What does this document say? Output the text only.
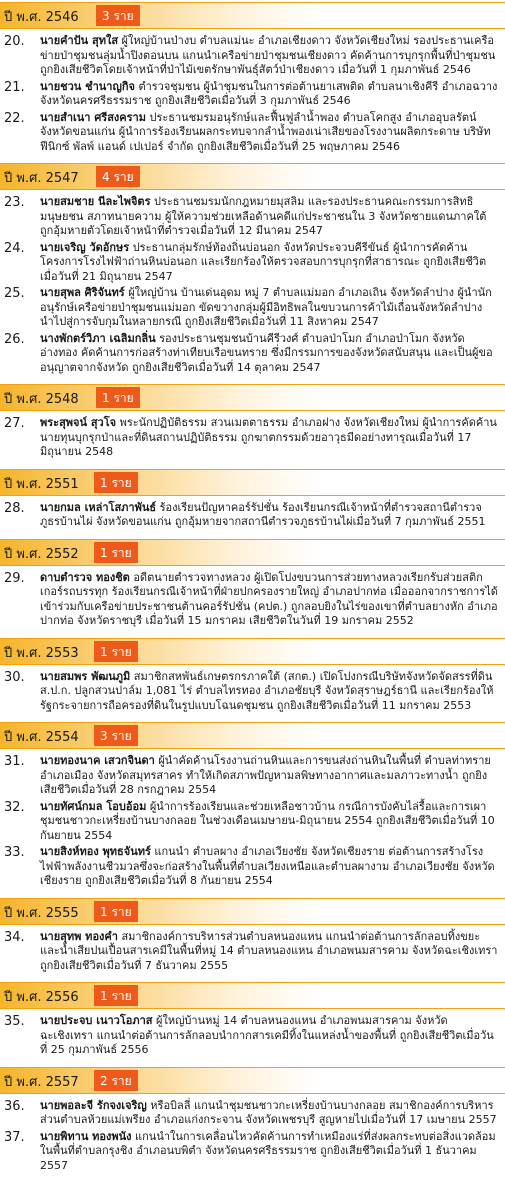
ปี พ.ศ. 2546	3 ราย
20. นายคำปัน สุทใส ผู้ใหญ่บ้านป่างบ ตำบลแม่นะ อำเภอเชียงดาว จังหวัดเชียงใหม่ รองประธานเครือข่ายป่าชุมชนลุ่มน้ำปิงตอนบน แกนนำเครือข่ายป่าชุมชนเชียงดาว คัดค้านการบุกรุกพื้นที่ป่าชุมชน ถูกยิงเสียชีวิตโดยเจ้าหน้าที่ป่าไม้เขตรักษาพันธุ์สัตว์ป่าเชียงดาว เมื่อวันที่ 1 กุมภาพันธ์ 2546
21. นายชวน ชำนาญกิจ ตำรวจชุมชน ผู้นำชุมชนในการต่อต้านยาเสพติด ตำบลนาเชิงคีรี อำเภอฉวาง จังหวัดนครศรีธรรมราช ถูกยิงเสียชีวิตเมื่อวันที่ 3 กุมภาพันธ์ 2546
22. นายสำเนา ศรีสงคราม ประธานชมรมอนุรักษ์และฟื้นฟูลำน้ำพอง ตำบลโคกสูง อำเภออุบลรัตน์ จังหวัดขอนแก่น ผู้นำการร้องเรียนผลกระทบจากลำน้ำพองเน่าเสียของโรงงานผลิตกระดาษ บริษัท ฟีนิกซ์ พัลพ์ แอนด์ เปเปอร์ จำกัด ถูกยิงเสียชีวิตเมื่อวันที่ 25 พฤษภาคม 2546
ปี พ.ศ. 2547	4 ราย
23. นายสมชาย นีละไพจิตร ประธานชมรมนักกฎหมายมุสลิม และรองประธานคณะกรรมการสิทธิมนุษยชน สภาทนายความ ผู้ให้ความช่วยเหลือด้านคดีแก่ประชาชนใน 3 จังหวัดชายแดนภาคใต้ ถูกอุ้มหายตัวโดยเจ้าหน้าที่ตำรวจเมื่อวันที่ 12 มีนาคม 2547
24. นายเจริญ วัดอักษร ประธานกลุ่มรักษ์ท้องถิ่นบ่อนอก จังหวัดประจวบคีรีขันธ์ ผู้นำการคัดค้านโครงการโรงไฟฟ้าถ่านหินบ่อนอก และเรียกร้องให้ตรวจสอบการบุกรุกที่สาธารณะ ถูกยิงเสียชีวิตเมื่อวันที่ 21 มิถุนายน 2547
25. นายสุพล ศิริจันทร์ ผู้ใหญ่บ้าน บ้านเด่นอุดม หมู่ 7 ตำบลแม่มอก อำเภอเถิน จังหวัดลำปาง ผู้นำนักอนุรักษ์เครือข่ายป่าชุมชนแม่มอก ขัดขวางกลุ่มผู้มีอิทธิพลในขบวนการค้าไม้เถื่อนจังหวัดลำปาง นำไปสู่การจับกุมในหลายกรณี ถูกยิงเสียชีวิตเมื่อวันที่ 11 สิงหาคม 2547
26. นางพักตร์วิภา เฉลิมกลิ่น รองประธานชุมชนบ้านคีรีวงศ์ ตำบลป่าโมก อำเภอป่าโมก จังหวัดอ่างทอง คัดค้านการก่อสร้างท่าเทียบเรือขนทราย ซึ่งมีกรรมการของจังหวัดสนับสนุน และเป็นผู้ขออนุญาตจากจังหวัด ถูกยิงเสียชีวิตเมื่อวันที่ 14 ตุลาคม 2547
ปี พ.ศ. 2548	1 ราย
27. พระสุพจน์ สุวโจ พระนักปฏิบัติธรรม สวนเมตตาธรรม อำเภอฝาง จังหวัดเชียงใหม่ ผู้นำการคัดค้านนายทุนบุกรุกป่าและที่ดินสถานปฏิบัติธรรม ถูกฆาตกรรมด้วยอาวุธมีดอย่างทารุณเมื่อวันที่ 17 มิถุนายน 2548
ปี พ.ศ. 2551	1 ราย
28. นายกมล เหล่าโสภาพันธ์ ร้องเรียนปัญหาคอร์รัปชั่น ร้องเรียนกรณีเจ้าหน้าที่ตำรวจสถานีตำรวจภูธรบ้านไผ่ จังหวัดขอนแก่น ถูกอุ้มหายจากสถานีตำรวจภูธรบ้านไผ่เมื่อวันที่ 7 กุมภาพันธ์ 2551
ปี พ.ศ. 2552	1 ราย
29. ดาบตำรวจ ทองชิต อดีตนายตำรวจทางหลวง ผู้เปิดโปงขบวนการส่วยทางหลวงเรียกรับส่วยสติกเกอร์รถบรรทุก ร้องเรียนกรณีเจ้าหน้าที่ฝ่ายปกครองรายใหญ่ อำเภอปากท่อ เมื่อออกจากราชการได้เข้าร่วมกับเครือข่ายประชาชนต้านคอร์รัปชั่น (คปต.) ถูกลอบยิงในไร่ของเขาที่ตำบลยางหัก อำเภอปากท่อ จังหวัดราชบุรี เมื่อวันที่ 15 มกราคม เสียชีวิตในวันที่ 19 มกราคม 2552
ปี พ.ศ. 2553	1 ราย
30. นายสมพร พัฒนภูมิ สมาชิกสหพันธ์เกษตรกรภาคใต้ (สกต.) เปิดโปงกรณีบริษัทจังหวัดจัดสรรที่ดิน ส.ป.ก. ปลูกสวนปาล์ม 1,081 ไร่ ตำบลไทรทอง อำเภอชัยบุรี จังหวัดสุราษฎร์ธานี และเรียกร้องให้รัฐกระจายการถือครองที่ดินในรูปแบบโฉนดชุมชน ถูกยิงเสียชีวิตเมื่อวันที่ 11 มกราคม 2553
ปี พ.ศ. 2554	3 ราย
31. นายทองนาค เสวกจินดา ผู้นำคัดค้านโรงงานถ่านหินและการขนส่งถ่านหินในพื้นที่ ตำบลท่าทราย อำเภอเมือง จังหวัดสมุทรสาคร ทำให้เกิดสภาพปัญหามลพิษทางอากาศและมลภาวะทางน้ำ ถูกยิงเสียชีวิตเมื่อวันที่ 28 กรกฎาคม 2554
32. นายทัศน์กมล โอบอ้อม ผู้นำการร้องเรียนและช่วยเหลือชาวบ้าน กรณีการบังคับไล่รื้อและการเผาชุมชนชาวกะเหรี่ยงบ้านบางกลอย ในช่วงเดือนเมษายน-มิถุนายน 2554 ถูกยิงเสียชีวิตเมื่อวันที่ 10 กันยายน 2554
33. นายสิงห์ทอง พุทธจันทร์ แกนนำ ตำบลผาง อำเภอเวียงชัย จังหวัดเชียงราย ต่อต้านการสร้างโรงไฟฟ้าพลังงานชีวมวลซึ่งจะก่อสร้างในพื้นที่ตำบลเวียงเหนือและตำบลผางาม อำเภอเวียงชัย จังหวัดเชียงราย ถูกยิงเสียชีวิตเมื่อวันที่ 8 กันยายน 2554
ปี พ.ศ. 2555	1 ราย
34. นายสุทพ ทองคำ สมาชิกองค์การบริหารส่วนตำบลหนองแหน แกนนำต่อต้านการลักลอบทิ้งขยะและน้ำเสียปนเปื้อนสารเคมีในพื้นที่หมู่ 14 ตำบลหนองแหน อำเภอพนมสารคาม จังหวัดฉะเชิงเทรา ถูกยิงเสียชีวิตเมื่อวันที่ 7 ธันวาคม 2555
ปี พ.ศ. 2556	1 ราย
35. นายประจบ เนาวโอภาส ผู้ใหญ่บ้านหมู่ 14 ตำบลหนองแหน อำเภอพนมสารคาม จังหวัดฉะเชิงเทรา แกนนำต่อต้านการลักลอบนำกากสารเคมีทิ้งในแหล่งน้ำของพื้นที่ ถูกยิงเสียชีวิตเมื่อวันที่ 25 กุมภาพันธ์ 2556
ปี พ.ศ. 2557	2 ราย
36. นายพอละจี รักจงเจริญ หรือบิลลี่ แกนนำชุมชนชาวกะเหรี่ยงบ้านบางกลอย สมาชิกองค์การบริหารส่วนตำบลห้วยแม่เพรียง อำเภอแก่งกระจาน จังหวัดเพชรบุรี สูญหายไปเมื่อวันที่ 17 เมษายน 2557
37. นายพิทาน ทองพนัง แกนนำในการเคลื่อนไหวคัดค้านการทำเหมืองแร่ที่ส่งผลกระทบต่อสิ่งแวดล้อมในพื้นที่ตำบลกรุงชิง อำเภอนบพิตำ จังหวัดนครศรีธรรมราช ถูกยิงเสียชีวิตเมื่อวันที่ 1 ธันวาคม 2557
